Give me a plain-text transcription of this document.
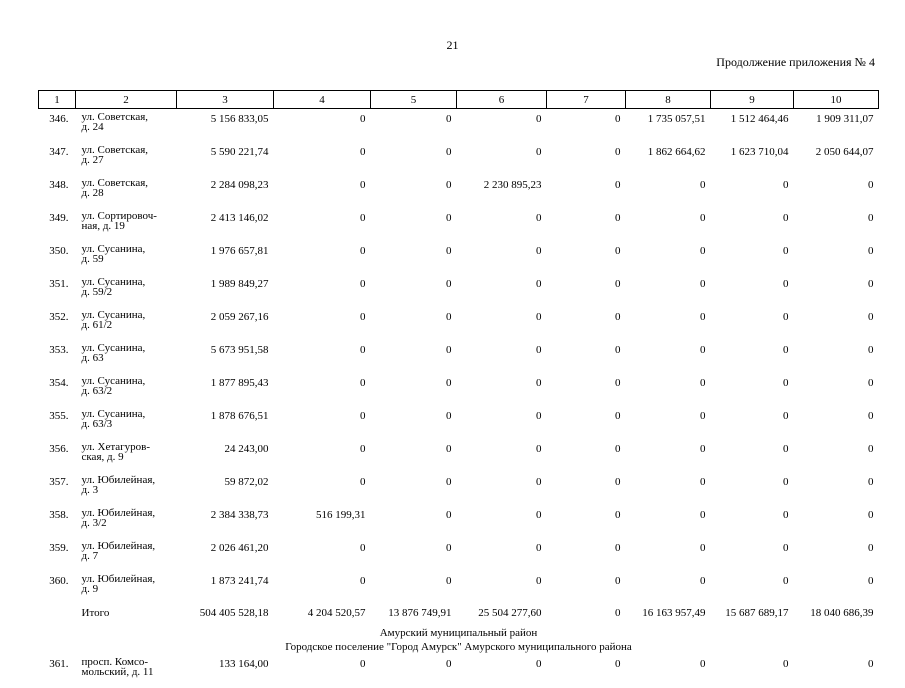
21
Продолжение приложения № 4
1	2	3	4	5	6	7	8	9	10
346.	ул. Советская,
д. 24	5 156 833,05	0	0	0	0	1 735 057,51	1 512 464,46	1 909 311,07
347.	ул. Советская,
д. 27	5 590 221,74	0	0	0	0	1 862 664,62	1 623 710,04	2 050 644,07
348.	ул. Советская,
д. 28	2 284 098,23	0	0	2 230 895,23	0	0	0	0
349.	ул. Сортировоч-
ная, д. 19	2 413 146,02	0	0	0	0	0	0	0
350.	ул. Сусанина,
д. 59	1 976 657,81	0	0	0	0	0	0	0
351.	ул. Сусанина,
д. 59/2	1 989 849,27	0	0	0	0	0	0	0
352.	ул. Сусанина,
д. 61/2	2 059 267,16	0	0	0	0	0	0	0
353.	ул. Сусанина,
д. 63	5 673 951,58	0	0	0	0	0	0	0
354.	ул. Сусанина,
д. 63/2	1 877 895,43	0	0	0	0	0	0	0
355.	ул. Сусанина,
д. 63/3	1 878 676,51	0	0	0	0	0	0	0
356.	ул. Хетагуров-
ская, д. 9	24 243,00	0	0	0	0	0	0	0
357.	ул. Юбилейная,
д. 3	59 872,02	0	0	0	0	0	0	0
358.	ул. Юбилейная,
д. 3/2	2 384 338,73	516 199,31	0	0	0	0	0	0
359.	ул. Юбилейная,
д. 7	2 026 461,20	0	0	0	0	0	0	0
360.	ул. Юбилейная,
д. 9	1 873 241,74	0	0	0	0	0	0	0
	Итого	504 405 528,18	4 204 520,57	13 876 749,91	25 504 277,60	0	16 163 957,49	15 687 689,17	18 040 686,39
Амурский муниципальный район									
Городское поселение "Город Амурск" Амурского муниципального района									
361.	просп. Комсо-
мольский, д. 11	133 164,00	0	0	0	0	0	0	0
